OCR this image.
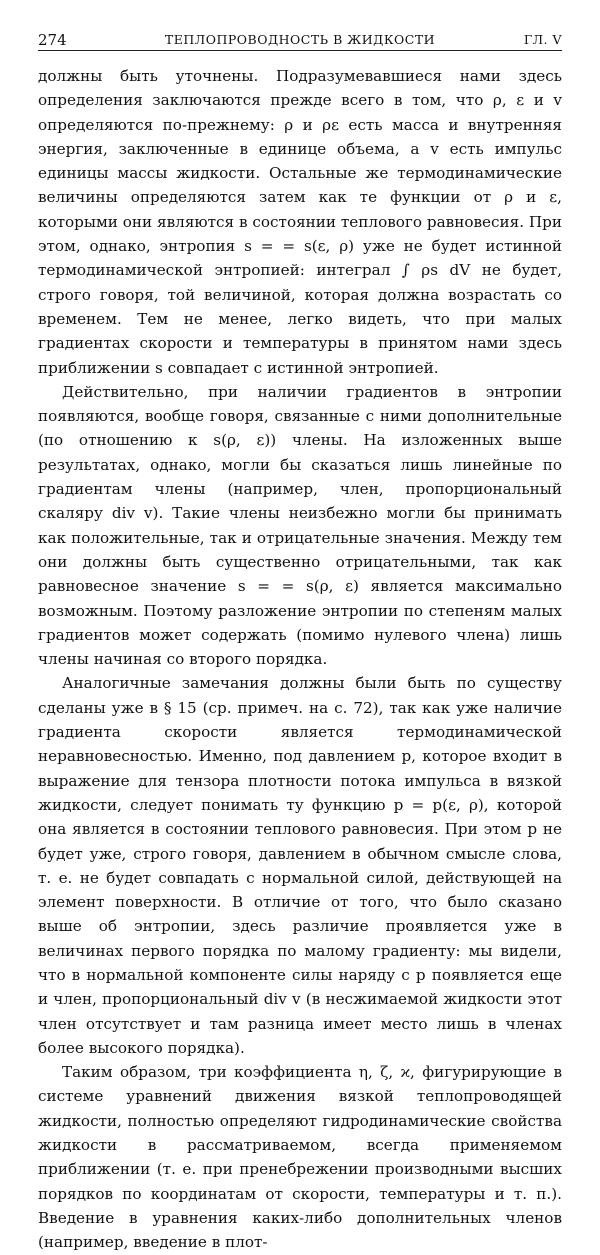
274	ТЕПЛОПРОВОДНОСТЬ В ЖИДКОСТИ	ГЛ. V

должны быть уточнены. Подразумевавшиеся нами здесь определения заключаются прежде всего в том, что ρ, ε и v определяются по-прежнему: ρ и ρε есть масса и внутренняя энергия, заключенные в единице объема, а v есть импульс единицы массы жидкости. Остальные же термодинамические величины определяются затем как те функции от ρ и ε, которыми они являются в состоянии теплового равновесия. При этом, однако, энтропия s = = s(ε, ρ) уже не будет истинной термодинамической энтропией: интеграл ∫ ρs dV не будет, строго говоря, той величиной, которая должна возрастать со временем. Тем не менее, легко видеть, что при малых градиентах скорости и температуры в принятом нами здесь приближении s совпадает с истинной энтропией.

Действительно, при наличии градиентов в энтропии появляются, вообще говоря, связанные с ними дополнительные (по отношению к s(ρ, ε)) члены. На изложенных выше результатах, однако, могли бы сказаться лишь линейные по градиентам члены (например, член, пропорциональный скаляру div v). Такие члены неизбежно могли бы принимать как положительные, так и отрицательные значения. Между тем они должны быть существенно отрицательными, так как равновесное значение s = = s(ρ, ε) является максимально возможным. Поэтому разложение энтропии по степеням малых градиентов может содержать (помимо нулевого члена) лишь члены начиная со второго порядка.

Аналогичные замечания должны были быть по существу сделаны уже в § 15 (ср. примеч. на с. 72), так как уже наличие градиента скорости является термодинамической неравновесностью. Именно, под давлением p, которое входит в выражение для тензора плотности потока импульса в вязкой жидкости, следует понимать ту функцию p = p(ε, ρ), которой она является в состоянии теплового равновесия. При этом p не будет уже, строго говоря, давлением в обычном смысле слова, т. е. не будет совпадать с нормальной силой, действующей на элемент поверхности. В отличие от того, что было сказано выше об энтропии, здесь различие проявляется уже в величинах первого порядка по малому градиенту: мы видели, что в нормальной компоненте силы наряду с p появляется еще и член, пропорциональный div v (в несжимаемой жидкости этот член отсутствует и там разница имеет место лишь в членах более высокого порядка).

Таким образом, три коэффициента η, ζ, ϰ, фигурирующие в системе уравнений движения вязкой теплопроводящей жидкости, полностью определяют гидродинамические свойства жидкости в рассматриваемом, всегда применяемом приближении (т. е. при пренебрежении производными высших порядков по координатам от скорости, температуры и т. п.). Введение в уравнения каких-либо дополнительных членов (например, введение в плот-
